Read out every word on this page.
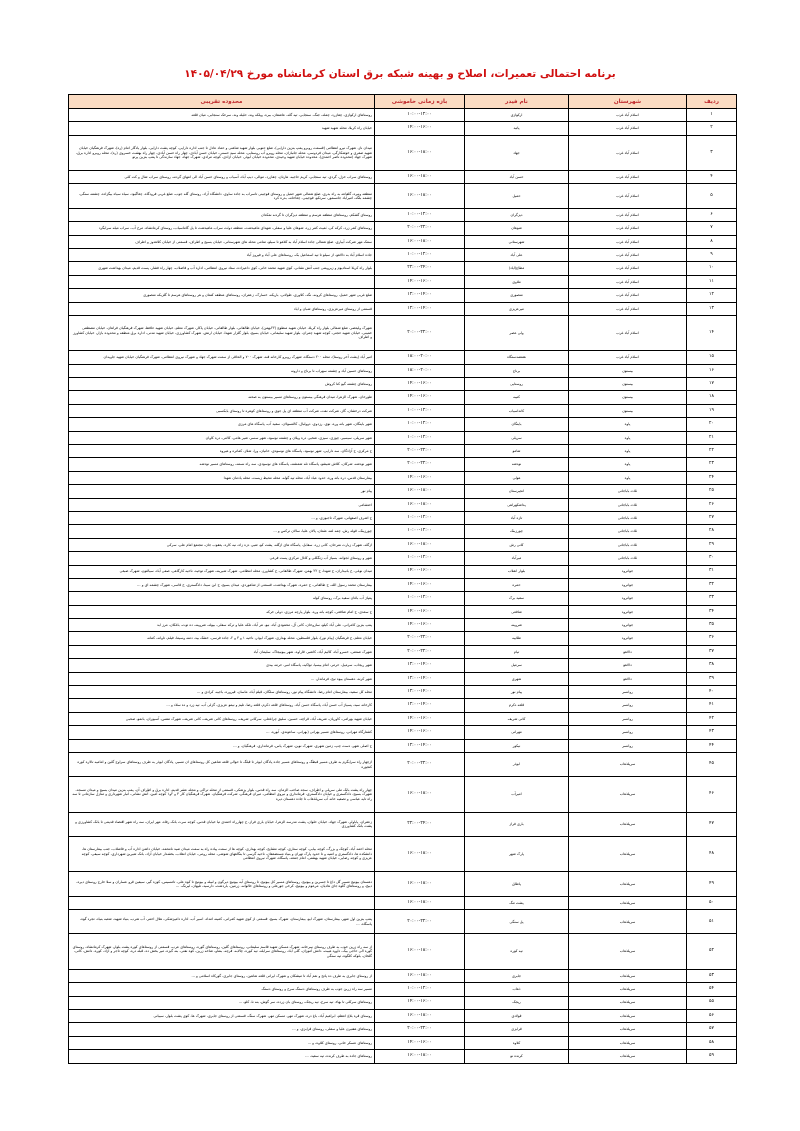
برنامه احتمالی تعمیرات، اصلاح و بهینه شبکه برق استان کرمانشاه مورخ ۱۴۰۵/۰۴/۲۹
ردیف	شهرستان	نام فیدر	بازه زمانی خاموشی	محدوده تقریبی
۱	اسلام آباد غرب	ارکوازی	۱۰:۰۰-۱۲:۰۰	روستاهای ارکوازی، چقازرد، چمله، جنگ، سنجابی، تپه گله، عاشقان، ببره، ویلکه وند، حلیله وند، سرخک سنجابی، میان قلعه
۲	اسلام آباد غرب	پاتید	۱۴:۰۰-۱۶:۰۰	خیابان راه کربلا، محله شهید شهید
۳	اسلام آباد غرب	جهاد	۱۶:۰۰-۱۸:۰۰	میدان ناز، شهرک نیرو انتظامی (قسمت روبرو پمپ بنزین دارایی)، ضلع جنوبی بلوار شهید شاهنی و حماد عادل تا جنب اداره دارایی، کوچه پشت دارایی، بلوار یادگار امام (ره)، شهرک فرهنگیان خیابان شهید صفری و خوشکارگی، میدان فردوسی، محله جانبازان، محله روبرو آب روستایی، محله سید حسنی، خیابان حسن آبادی، چهار راه حسن آبادی، چهار راه بهشت خسروی (ره)، محله روبرو اداره برق، شهرک جهاد (محدوده ناصر احمدی)، محدوده خیابان شهید وحیدی، محدوده خیابان ابوذر، خیابان آزادی، کوچه مرادی، شهرک جهاد، جهاد سازندگی تا پمپ بنزین پرتو
۴	اسلام آباد غرب	حسن آباد	۱۶:۰۰-۱۸:۰۰	روستاهای سراب خزل، گردی، تپه سنجابی، کریم حاجیه، هارنان، چقازرد، موالی، دیپ آباد، آسیاب و روستای حسن آباد الی انتهای گردنه، روستای سراب شال و کت کلی
۵	اسلام آباد غرب	حمیل	۱۶:۰۰-۱۸:۰۰	منطقه ونیره، گلفاعه به راه بدری، ضلع شمالی شهر حمیل و روستای فوجینی تاسراب به جاده ساوی، دانشگاه آزاد، روستای گله جوب، ضلع غربی فرودگاه، چغاگبود، سیاه سیاه بیگزاده، چشمه سنگی، چشمه بلگه، امیرآباد جانسمور، سرتکو، فوجینی، چغاخانه، بدره کرد
۶	اسلام آباد غرب	دیزگران	۱۰:۰۰-۱۲:۰۰	روستای گشکم، روستاهای منطقه هرسم و منطقه دیزگران تا گردنه نمکدان
۷	اسلام آباد غرب	شوهان	۲۰:۰۰-۲۲:۰۰	روستاهای کمر زرد، کرکه کی، ثمیث کمر زرد، شوهان علیا و سفلی، شهدای ماهیدشت، منطقه دوئت سراب ماهیدشت تا پل گاماسیاب، روستای کرمانشاه، مرخ آب، سراب میله سرابگرد
۸	اسلام آباد غرب	شهرستانی	۱۶:۰۰-۱۸:۰۰	سمک مهر شرکت آبیاری، ضلع شمالی جاده اسلام آباد به کلاهو تا سیلو، تمامی محله های شهرستانی، خیابان بسیج و اطراف، قسمتی از خیابان کلاهدوز و اطراف
۹	اسلام آباد غرب	علی آباد	۱۰:۰۰-۱۲:۰۰	جاده اسلام آباد به دالاهو، از سیلو تا تپه اسماعیل بک، روستاهای علی آباد و فیروز آباد
۱۰	اسلام آباد غرب	مطاع(ایاد)	۲۲:۰۰-۲۴:۰۰	بلوار راه کربلا استادیوم و زیروبتنی جنب آتش نشانی، کوی شهید محمد خانی، کوی داعیزاده، ستاد نیروی انتظامی، اداره آب و فاضلاب، چهار راه فشار، پست قدیم، میدان بهداشت شهری
۱۱	اسلام آباد غرب	ملاوی	۱۴:۰۰-۱۶:۰۰	
۱۲	اسلام آباد غرب	منصوری	۱۲:۰۰-۱۴:۰۰	ضلع غربی شهر حمیل، روستاهای کرونه، نگه، کلاوری، طولانی، باریکه، خسارک، زعفران، روستاهای منطقه کتمان و هر روستاهای هرسم تا گلزبکه منصوری
۱۳	اسلام آباد غرب	میرعزیزی	۱۲:۰۰-۱۴:۰۰	قسمتی از روستای میرعزیزی، روستاهای شبان و ایاد
۱۴	اسلام آباد غرب	ولی عصر	۲۰:۰۰-۲۲:۰۰	شهرک ولیعصر، ضلع شمالی بلوار راه کربلا، خیابان شهید منطوع (۲۲بهمن)، خیابان طالقانی، بلوار طالقانی، خیابان پاکار، شهرک معلم، خیابان شهید حافظ، شهرک فرهنگیان فراهان، خیابان مصطفی خمینی، خیابان شهید حجتی، کوچه شهید چمران، بلوار شهید سلیمانی، خیابان بسیج، بلوار گلزار شهدا، خیابان ارتش، شهرک کشاورزی، خیابان شهید مدنی، اداره برق منطقه و محدوده بازار، خیابان کشاورز و اطراف
۱۵	اسلام آباد غرب	هفتصدستگاه	۱۸:۰۰-۲۰:۰۰	امیر آباد (پشت آخر روستا)، محله ۲۰۰ دستگاه، شهرک روبرو کارخانه قند، شهرک ۷۰۰ و الحاقی از سمت شهرک جهاد و شهرک نیروی انتظامی، شهرک فرهنگیان خیابان شهید جاویدان
۱۶	بیستون	برناج	۱۸:۰۰-۲۰:۰۰	روستاهای حسین آباد و چشمه سهراب تا برناج و دارونه
۱۷	بیستون	روستایی	۱۴:۰۰-۱۶:۰۰	روستاهای چشمه گیو کنا کروش
۱۸	بیستون	کتیبه	۱۴:۰۰-۱۶:۰۰	طورخان، شهرک الزهرا، میدان فرهنگی بیستون و روستاهای مسیر بیستون به صحنه
۱۹	بیستون	کانداسیاب	۱۰:۰۰-۱۲:۰۰	شرکت درخشان، گاز، شرکت نفت، شرکت آب منطقه ای پل جوی و روستاهای کوهره تا روستای بابکسبی
۲۰	پاوه	باینگان	۱۰:۰۰-۱۲:۰۰	شهر باینگان، شهر بانه وره، نوی، رزدوی، دوولبال، کالتسولان، سفید آب، پاسگاه های مرزی
۲۱	پاوه	سرپلی	۱۰:۰۰-۱۲:۰۰	شهر سرپلی، سیسیر، چوزی، سیزی، شخیر، دره ویلان و چشمه نوسود، شهر سسر، شیر هامی، کالتی، دره کاوان
۲۲	پاوه	شامو	۲۰:۰۰-۲۲:۰۰	خ مرکزی، خ آزادگان، سه دارایی، شهر نوسود، پاسگاه های نوسودی، خانیان، ورا، شلاز، کماتره و هیروه
۲۳	پاوه	نودشه	۲۰:۰۰-۲۲:۰۰	شهر نودشه، شرکان، کلاش شیشو، پاسگاه نله شمشنه، پاسگاه های نوسودی، سه راه نسمه، روستاهای مسیر نودشه
۲۴	پاوه	هولی	۱۴:۰۰-۱۶:۰۰	بیمارستان قدس، دره بانه وره، حدود عباد آباد، محله تپه گوله، محله محیط زیست، محله یادمان شهدا
۲۵	ثلاث باباجانی	انجیرستان	۱۶:۰۰-۱۸:۰۰	پیام نور
۲۶	ثلاث باباجانی	پداشکهراهی	۱۶:۰۰-۱۸:۰۰	احتشامی
۲۷	ثلاث باباجانی	تازه آباد	۱۰:۰۰-۱۲:۰۰	خ اشرف اصفهانی، شهرک تاجبوزی، و ...
۲۸	ثلاث باباجانی	چورزینک	۱۰:۰۰-۱۲:۰۰	چورزینک، قوله رش، چمه لمه عثمان، پالان علیا، سالان ترکس و ...
۲۹	ثلاث باباجانی	کانی رش	۱۶:۰۰-۱۸:۰۰	ازگله، شهرک زیارت نمرحان، کانی زرد، سقابل، پاسگاه های ازگله، پشت کو، شیر، دزه زاه، نیه کاره، یعقوب جان، مجتمع امام علی، سرکی
۳۰	ثلاث باباجانی	میرآباد	۱۰:۰۰-۱۲:۰۰	شهر و روستای ثجوانه، بسیاژ آب زنگکلی و کانال مرکزی پست فرعی
۳۱	جوانرود	بلوار انقلاب	۱۴:۰۰-۱۶:۰۰	میدان نوغی، خ بانیداران، خ شهدا، خ ۲۲ بهمن، شهرک طالقانی، خ کشاورز، محله انتظامی، شهرک شیرینه، شهرک توحید، ناحیه کارگاهی، صفی آباد، سیالتون، شهرک ضبغی
۳۲	جوانرود	حمره	۱۴:۰۰-۱۶:۰۰	بیمارستان محمد رسول الله، خ طالقانی، خ حمره، شهرک بهداشت، قسمتی از شاهوردی، میدان بسیج، خ ابن سینا، دادگستری، خ قاسی، شهرک چشمه ای و ...
۳۳	جوانرود	سفید برک	۱۰:۰۰-۱۲:۰۰	پمپاژ آب باغان سفید برک، روستای کوله
۳۴	جوانرود	شافعی	۱۴:۰۰-۱۶:۰۰	خ سعدی، خ امام شافعی، کوچه بانه وره، بلوار پارچه مرزی، دولی خرکه
۳۵	جوانرود	شروینه	۱۴:۰۰-۱۶:۰۰	پمپ بنزین کامرانی، علی آباد کیلو، سازوخان، کانی آل، محمودی آباد، نیو، تتر آباد، تلکه علیا و ترکه سفلی، بیوله، شروینه، ده توت، باغکان، مرز ابد
۳۶	جوانرود	طلاییه	۲۰:۰۰-۲۲:۰۰	خیابان معلم، خ فرهنگیان (پیام نور)، بلوار فلسطین، محله بهداری، شهرک ابوذر، ناحیه ۱ و ۳ و ۲، جاده فرسی، خشک بید، دمنه وسیما، فیلم، تاوانه، کمانه
۳۷	دالاهو	تیام	۲۰:۰۰-۲۲:۰۰	شهرک صنعتی، خسرو آباد، کالیم آباد، کاشبر، قاراوه، شهر بیونیجاک، سلیمان آباد
۳۸	دالاهو	سرمیل	۱۲:۰۰-۱۴:۰۰	شهر ریجاب، سرمیل، حرمر، امام بیسیا، تواکیه، پاسگاه لنبر، حرمه بیدی
۳۹	دالاهو	شهری	۱۲:۰۰-۱۴:۰۰	شهر کرند، دهستان بیوه نیخ، فرماندار، ...
۴۰	روانسر	پیام نور	۱۲:۰۰-۱۴:۰۰	محله کل سفید، بیمارستان امام رضا، دانشگاه پیام نور، روستاهای سلگان، قیلم آباد، ماسان، قیروره، باجیه، کرادی و ...
۴۱	روانسر	قلعه دکرم	۱۲:۰۰-۱۴:۰۰	کارخانه سید، پسیاژ آب حسن آباد، پاسگاه حسن آباد، روستاهای قلعه دکرم، قلعه رضا، تلیم و نیمو عزیزی، گزلی آب، تپه زرد و ده سلاد و ...
۴۲	روانسر	کانی شریف	۱۴:۰۰-۱۶:۰۰	خیابان شهید بهرامی، کاوریان، شریف آباد، قراچه، حسین، سلیق چراغعلی، سرکانی شریف، روستاهای کانی شریف، کانی شریف، شهرک تنفس، آسیوران، بانمو، صحبی
۴۳	روانسر	مهرانی	۱۴:۰۰-۱۶:۰۰	کشتارگاه مهرانی، روستاهای مسیر بهرانی (بهرانی، ساعوندی، آبوره، ...
۴۴	روانسر	نیکور	۱۲:۰۰-۱۴:۰۰	خ اصلی شهر، دست چپ، زمین شهری، شهرک نوین، شهرک پاس، فرمانداری، فرهنگیان، و ...
۴۵	سرپلذهاب	ابوذر	۲۰:۰۰-۲۲:۰۰	ازچهار راه سرابگرم به طرف مسیر قبطگ و روستاهای مسیر جاده پادگان ابوذر تا قبلگ تا حوالی قلعه شاهین کل روستاهای ان مسیر، پادگان ابوذر به طرف روستاهای سراوج گلین و امامیه تالاره کوره کنجوره
۴۶	سرپلذهاب	امیرآب	۱۶:۰۰-۱۸:۰۰	چهار راه پشت بانک ملی سرپلی و اطراف، سجد صاحب الزمان، سه راه قدس، بلوار پزشکی، قسمتی از محله تراکی و محله عشر قدیم، اداره برق و اطراف آن، پمپ بنزین میدان بسیج و میدان مسجد، شهرک بسیج، دادگستری و خیابان دادگستری، فرمانداری و نیروی انتظامی، میران فرهنگی، شرکت فرهنگیان، شهرک فرهنگیان کار ۳ و ۲و۱ کوچه امین، آتش نشانی، انبار شهرداری و منازل سازمانی تا سه راه تایه عباسی و تصفیه خانه آب سرپلذهاب تا جاده دهستان دیره
۴۷	سرپلذهاب	باری فراز	۲۲:۰۰-۲۴:۰۰	زعفران، پاباولر، شهرک جهاد، خیابان حلوان، پشت مدرسه الزهرا، خیابان باری فراز، خ چهارراه احمدی تیا خیابان قدس، کوچه سرت بانک رفاه، مهر ایران، سه راه شهر اقتصاد قدیمی تا بانک کشاورزی و پشت بانک کشاورزی
۴۸	سرپلذهاب	پارک شهر	۱۶:۰۰-۱۸:۰۰	محله احمد آباد، کوچک و بزرگ، کوچه بیابی، کوچه ستاری، کوچه مشایخ، کوچه بهداری، کوچه ها از سمت پیاده راه به سمت میدان صید نامحمد، خیابان داشن اداره آب و فاضلاب، جنب بیمارستان ها، دانشکده ها، دادگستری و امنیه و تا حدود پارک تهران و بنیاد مستضعفان، ناحیه گرسی تا بنگاههای شوشی، محله رومی، خیابان انقلاب، بخشدار خیابان آزاد، بانک شیرین شهرداری، کوچه سیفی، کوچه عزیزی و کوچه رضایی، خیابان شهید بهشتی، امام جمعه، پاسگاه، شهرک نیروی انتظامی
۴۹	سرپلذهاب	پاطاق	۱۶:۰۰-۱۸:۰۰	دهستان بیونیج مسیر گل داغ تا جسرین و بیونیج، روستاهای مسیر کل بیونیج، تا روستای آبه بیونیچ دیرگون و لبیله و بیونیج تا کوه علی، تامسیس، کوزه گیر، سیفین قرو عساران و سلا خارج روستای دیره، دیبخ، و روستاهای گلوه جای هادیان، مرعوم و بیونیج، کرخی جورعلی و روستاهای خالوانه، زرمین، باردشت، دارسید، تلیهان، لیرنگ، ...
۵۰	سرپلذهاب	پشت تنگ	۱۶:۰۰-۱۸:۰۰	
۵۱	سرپلذهاب	پل سنگی	۲۰:۰۰-۲۲:۰۰	پمپ بنزین اول شهر، بیمارستان، شهرک ابو، بیمارستان، شهرک بسیج، قسمتی از کوی شهید کمرانی، کمینه امداد، اسیر آب، اداره دامپزشکی، هلال احمر، آب شرب، بنیاد شهید، شعبه بنیاد، تجرد گوه، پاسگاه، ...
۵۲	سرپلذهاب	تپه کوره	۱۶:۰۰-۱۸:۰۰	از سه راه زرین خوب به طرف روستای سرخانه، شهرک مسکن شهید قاسم سلیمانی، روستاهای گلین، روستاهای گوره، روستاهای عرب، قسمتی از روستاهای کوره پشت بلوار، شهرک کرمانشاه، روستای گوره الی حاجی بیک، داوود هیبت، دانش آموزان، گلی آباد، روستاهای سرابله، تپه کوره، چالابه، فرچه، بنماو، شاخه زرین، کوه نفتی، بنه گیزه، میر بخش ده، قبله دره، کوچه تاجر و آزاد، کوره، دانش، کانی، گلخان، بلوکه کلگوه، تپه سنگی
۵۳	سرپلذهاب	جابری	۱۶:۰۰-۱۸:۰۰	از روستای جابری به طرف ده پاتخ و نعم آباد تا میشکان و شهرک ایرانی قلعه شاهین، روستای جابری، گورکاه اسلامی و ...
۵۴	سرپلذهاب	ذهاب	۱۰:۰۰-۱۲:۰۰	مسیر سه راه زرین جوب به طرف روستاهای دستگ سرخ و روستای دستگ
۵۵	سرپلذهاب	ریجک	۱۴:۰۰-۱۶:۰۰	روستاهای سرکلی تا بهاء، تپه سرخ، تپه ریجک، روستای بان زرده، سر گوش، بنه نا، کلو، ...
۵۶	سرپلذهاب	قولادی	۱۶:۰۰-۱۸:۰۰	روستای قره بلاغ اعظم، ابراهیم آباد، باغ دره، شهرک مهر، مسکن مهر، شهرک سنگ، قسمتی از روستای جابری، شهرک ها، کوی پشت بلوار، سبیانی
۵۷	سرپلذهاب	قرابزی	۲۰:۰۰-۲۲:۰۰	روستاهای هفتیرن علیا و سفلی، روستای قرابزی، و ...
۵۸	سرپلذهاب	کلاوه	۱۴:۰۰-۱۶:۰۰	روستاهای عسکر خانی، روستای کلاوه، و ...
۵۹	سرپلذهاب	کرنده نو	۱۶:۰۰-۱۸:۰۰	روستاهای جاده به طرف کرنده، تپه سفید، ...
